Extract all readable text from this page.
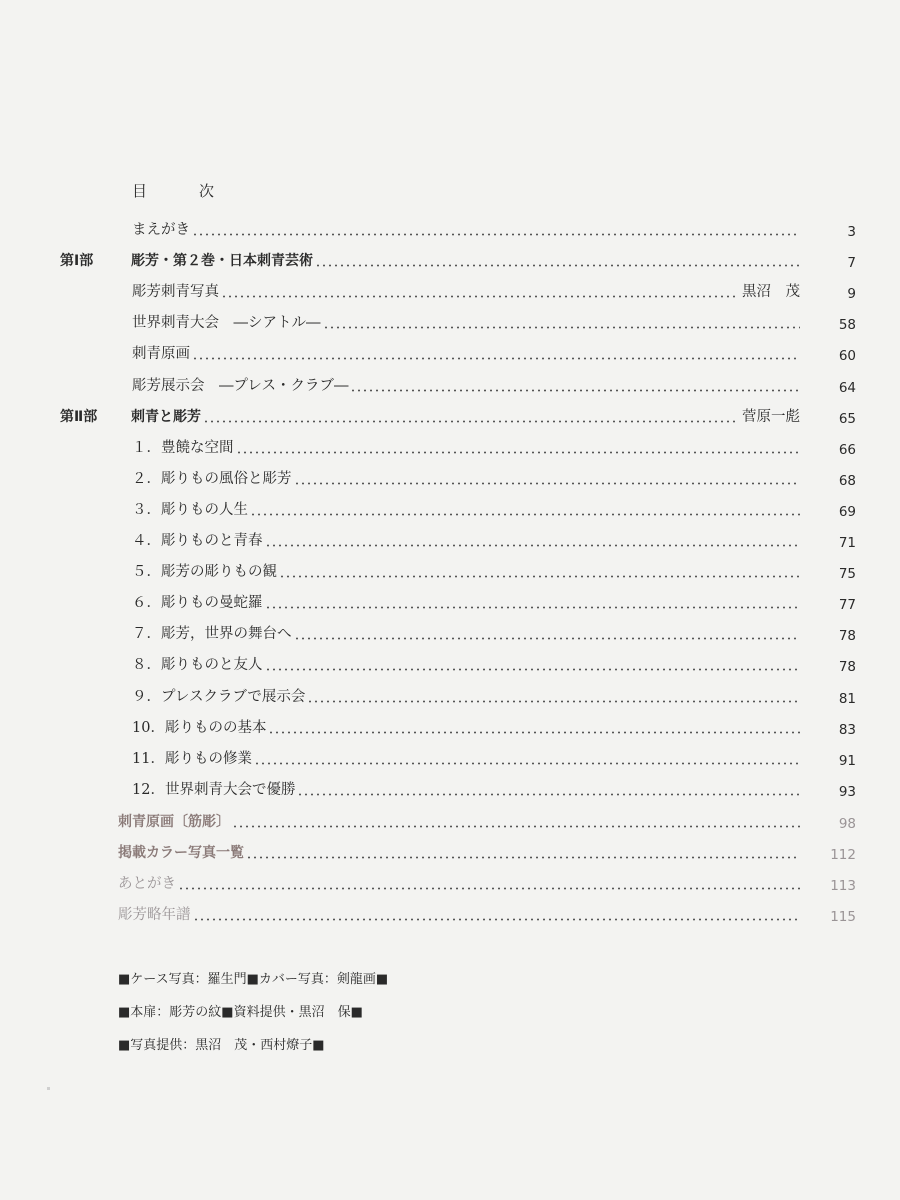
目	次
まえがき	3
第Ⅰ部	彫芳・第２巻・日本刺青芸術	7
彫芳刺青写真	黒沼　茂	9
世界刺青大会　―シアトル―	58
刺青原画	60
彫芳展示会　―プレス・クラブ―	64
第Ⅱ部 刺青と彫芳	菅原一彪	65
１．豊饒な空間	66
２．彫りもの風俗と彫芳	68
３．彫りもの人生	69
４．彫りものと青春	71
５．彫芳の彫りもの観	75
６．彫りもの曼蛇羅	77
７．彫芳，世界の舞台へ	78
８．彫りものと友人	78
９．プレスクラブで展示会	81
10．彫りものの基本	83
11．彫りもの修業	91
12．世界刺青大会で優勝	93
刺青原画〔筋彫〕	98
掲載カラー写真一覧	112
あとがき	113
彫芳略年譜	115
■ケース写真：羅生門■カバー写真：剣龍画■
■本扉：彫芳の紋■資料提供・黒沼　保■
■写真提供：黒沼　茂・西村燎子■
